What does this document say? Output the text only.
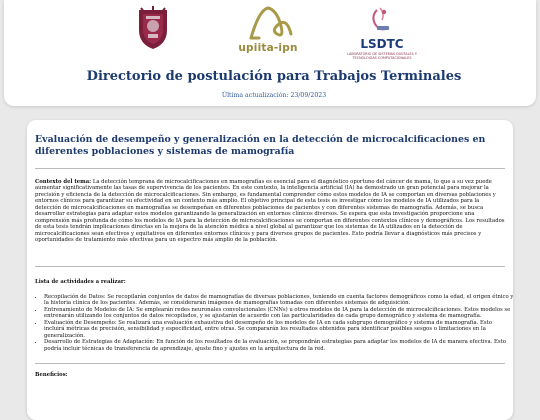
upiita-ipn	LSDTC
LABORATORIO DE SISTEMAS DIGITALES Y TECNOLOGÍAS COMPUTACIONALES
Directorio de postulación para Trabajos Terminales
Última actualización: 23/09/2023
Evaluación de desempeño y generalización en la detección de microcalcificaciones en diferentes poblaciones y sistemas de mamografía
Contexto del tema: La detección temprana de microcalcificaciones en mamografías es esencial para el diagnóstico oportuno del cáncer de mama, lo que a su vez puede aumentar significativamente las tasas de supervivencia de los pacientes. En este contexto, la inteligencia artificial (IA) ha demostrado un gran potencial para mejorar la precisión y eficiencia de la detección de microcalcificaciones. Sin embargo, es fundamental comprender cómo estos modelos de IA se comportan en diversas poblaciones y entornos clínicos para garantizar su efectividad en un contexto más amplio. El objetivo principal de esta tesis es investigar cómo los modelos de IA utilizados para la detección de microcalcificaciones en mamografías se desempeñan en diferentes poblaciones de pacientes y con diferentes sistemas de mamografía. Además, se busca desarrollar estrategias para adaptar estos modelos garantizando la generalización en entornos clínicos diversos. Se espera que esta investigación proporcione una comprensión más profunda de cómo los modelos de IA para la detección de microcalcificaciones se comportan en diferentes contextos clínicos y demográficos. Los resultados de esta tesis tendrán implicaciones directas en la mejora de la atención médica a nivel global al garantizar que los sistemas de IA utilizados en la detección de microcalcificaciones sean efectivos y equitativos en diferentes entornos clínicos y para diversos grupos de pacientes. Esto podría llevar a diagnósticos más precisos y oportunidades de tratamiento más efectivas para un espectro más amplio de la población.
Lista de actividades a realizar:
• Recopilación de Datos: Se recopilarán conjuntos de datos de mamografías de diversas poblaciones, teniendo en cuenta factores demográficos como la edad, el origen étnico y la historia clínica de los pacientes. Además, se considerarán imágenes de mamografías tomadas con diferentes sistemas de adquisición.
• Entrenamiento de Modelos de IA: Se emplearán redes neuronales convolucionales (CNNs) u otros modelos de IA para la detección de microcalcificaciones. Estos modelos se entrenarán utilizando los conjuntos de datos recopilados, y se ajustarán de acuerdo con las particularidades de cada grupo demográfico y sistema de mamografía.
• Evaluación de Desempeño: Se realizará una evaluación exhaustiva del desempeño de los modelos de IA en cada subgrupo demográfico y sistema de mamografía. Esto incluirá métricas de precisión, sensibilidad y especificidad, entre otras. Se compararán los resultados obtenidos para identificar posibles sesgos o limitaciones en la generalización.
• Desarrollo de Estrategias de Adaptación: En función de los resultados de la evaluación, se propondrán estrategias para adaptar los modelos de IA de manera efectiva. Esto podría incluir técnicas de transferencia de aprendizaje, ajuste fino y ajustes en la arquitectura de la red.
Beneficios:
